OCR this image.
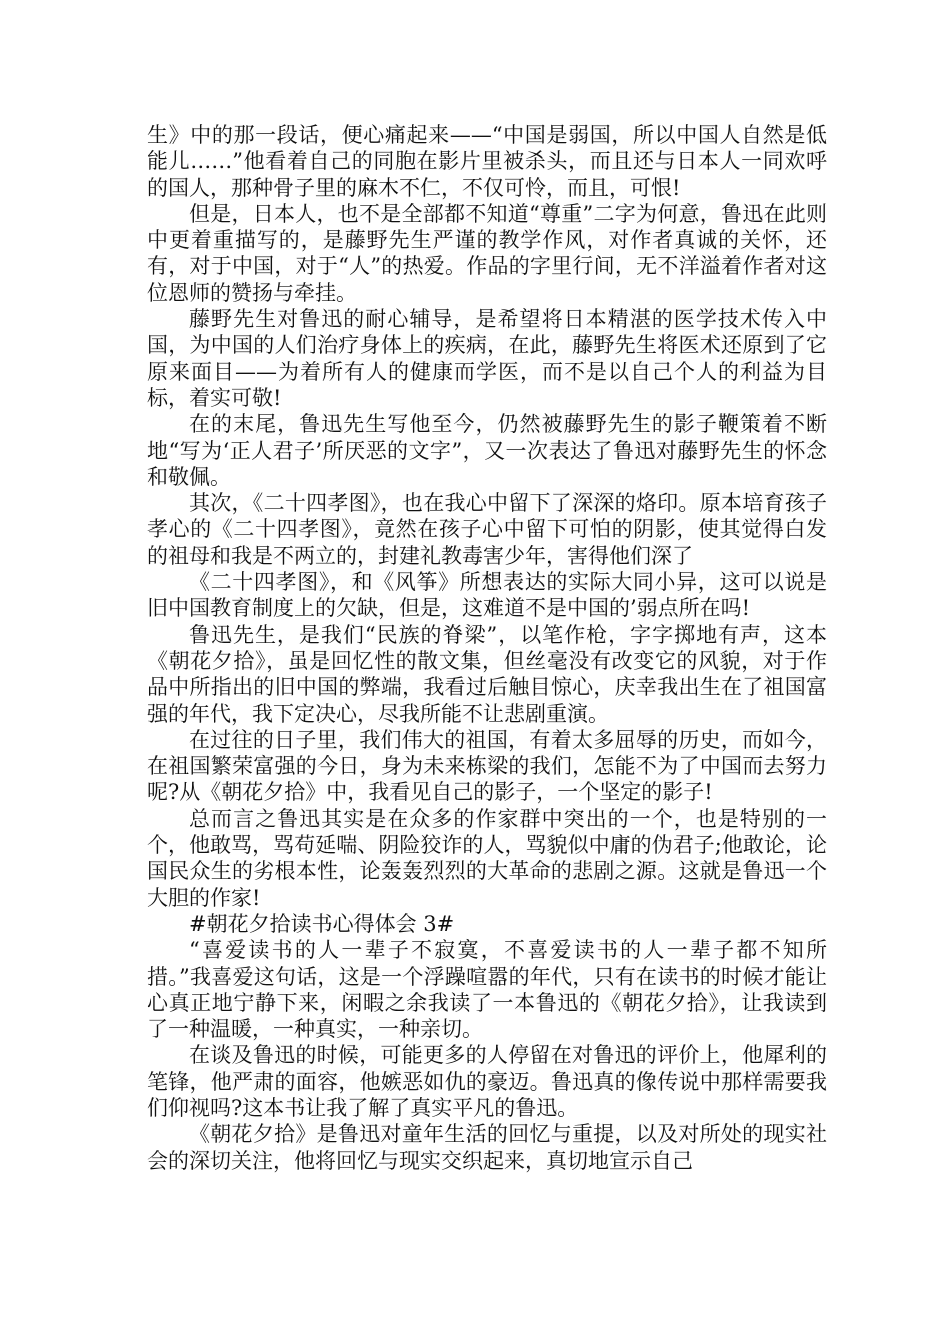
生》中的那一段话，便心痛起来——“中国是弱国，所以中国人自然是低能儿……”他看着自己的同胞在影片里被杀头，而且还与日本人一同欢呼的国人，那种骨子里的麻木不仁，不仅可怜，而且，可恨!

但是，日本人，也不是全部都不知道“尊重”二字为何意，鲁迅在此则中更着重描写的，是藤野先生严谨的教学作风，对作者真诚的关怀，还有，对于中国，对于“人”的热爱。作品的字里行间，无不洋溢着作者对这位恩师的赞扬与牵挂。

藤野先生对鲁迅的耐心辅导，是希望将日本精湛的医学技术传入中国，为中国的人们治疗身体上的疾病，在此，藤野先生将医术还原到了它原来面目——为着所有人的健康而学医，而不是以自己个人的利益为目标，着实可敬!

在的末尾，鲁迅先生写他至今，仍然被藤野先生的影子鞭策着不断地“写为‘正人君子’所厌恶的文字”，又一次表达了鲁迅对藤野先生的怀念和敬佩。

其次，《二十四孝图》，也在我心中留下了深深的烙印。原本培育孩子孝心的《二十四孝图》，竟然在孩子心中留下可怕的阴影，使其觉得白发的祖母和我是不两立的，封建礼教毒害少年，害得他们深了

《二十四孝图》，和《风筝》所想表达的实际大同小异，这可以说是旧中国教育制度上的欠缺，但是，这难道不是中国的’弱点所在吗!

鲁迅先生，是我们“民族的脊梁”，以笔作枪，字字掷地有声，这本《朝花夕拾》，虽是回忆性的散文集，但丝毫没有改变它的风貌，对于作品中所指出的旧中国的弊端，我看过后触目惊心，庆幸我出生在了祖国富强的年代，我下定决心，尽我所能不让悲剧重演。

在过往的日子里，我们伟大的祖国，有着太多屈辱的历史，而如今，在祖国繁荣富强的今日，身为未来栋梁的我们，怎能不为了中国而去努力呢?从《朝花夕拾》中，我看见自己的影子，一个坚定的影子!

总而言之鲁迅其实是在众多的作家群中突出的一个，也是特别的一个，他敢骂，骂苟延喘、阴险狡诈的人，骂貌似中庸的伪君子;他敢论，论国民众生的劣根本性，论轰轰烈烈的大革命的悲剧之源。这就是鲁迅一个大胆的作家!

#朝花夕拾读书心得体会 3#

“喜爱读书的人一辈子不寂寞，不喜爱读书的人一辈子都不知所措。”我喜爱这句话，这是一个浮躁喧嚣的年代，只有在读书的时候才能让心真正地宁静下来，闲暇之余我读了一本鲁迅的《朝花夕拾》，让我读到了一种温暖，一种真实，一种亲切。

在谈及鲁迅的时候，可能更多的人停留在对鲁迅的评价上，他犀利的笔锋，他严肃的面容，他嫉恶如仇的豪迈。鲁迅真的像传说中那样需要我们仰视吗?这本书让我了解了真实平凡的鲁迅。

《朝花夕拾》是鲁迅对童年生活的回忆与重提，以及对所处的现实社会的深切关注，他将回忆与现实交织起来，真切地宣示自己
